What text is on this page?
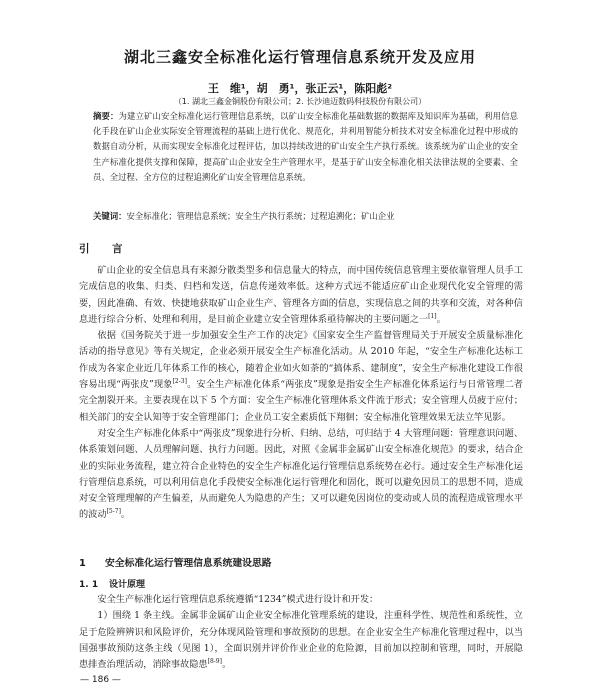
湖北三鑫安全标准化运行管理信息系统开发及应用
王　维¹，胡　勇¹，张正云¹，陈阳彪²
（1. 湖北三鑫金铜股份有限公司；2. 长沙迪迈数码科技股份有限公司）
摘要：为建立矿山安全标准化运行管理信息系统，以矿山安全标准化基础数据的数据库及知识库为基础，利用信息化手段在矿山企业实际安全管理流程的基础上进行优化、规范化，并利用智能分析技术对安全标准化过程中形成的数据自动分析，从而实现安全标准化过程评估，加以持续改进的矿山安全生产执行系统。该系统为矿山企业的安全生产标准化提供支撑和保障，提高矿山企业安全生产管理水平，是基于矿山安全标准化相关法律法规的全要素、全员、全过程、全方位的过程追溯化矿山安全管理信息系统。
关键词：安全标准化；管理信息系统；安全生产执行系统；过程追溯化；矿山企业
引　言

矿山企业的安全信息具有来源分散类型多和信息量大的特点，而中国传统信息管理主要依靠管理人员手工完成信息的收集、归类、归档和发送，信息传递效率低。这种方式远不能适应矿山企业现代化安全管理的需要，因此准确、有效、快捷地获取矿山企业生产、管理各方面的信息，实现信息之间的共享和交流，对各种信息进行综合分析、处理和利用，是目前企业建立安全管理体系亟待解决的主要问题之一[1]。

依据《国务院关于进一步加强安全生产工作的决定》《国家安全生产监督管理局关于开展安全质量标准化活动的指导意见》等有关规定，企业必须开展安全生产标准化活动。从 2010 年起，“安全生产标准化达标工作成为各家企业近几年体系工作的核心，随着企业如火如荼的“搞体系、建制度”，安全生产标准化建设工作很容易出现“两张皮”现象[2-3]。安全生产标准化体系“两张皮”现象是指安全生产标准化体系运行与日常管理二者完全割裂开来。主要表现在以下 5 个方面：安全生产标准化管理体系文件流于形式；安全管理人员疲于应付；相关部门的安全认知等于安全管理部门；企业员工安全素质低下翔徊；安全标准化管理效果无法立竿见影。

对安全生产标准化体系中“两张皮”现象进行分析、归纳、总结，可归结于 4 大管理问题：管理意识问题、体系策划问题、人员理解问题、执行力问题。因此，对照《金属非金属矿山安全标准化规范》的要求，结合企业的实际业务流程，建立符合企业特色的安全生产标准化运行管理信息系统势在必行。通过安全生产标准化运行管理信息系统，可以利用信息化手段使安全标准化运行管理化和固化，既可以避免因员工的思想不同，造成对安全管理理解的产生偏差，从而避免人为隐患的产生；又可以避免因岗位的变动或人员的流程造成管理水平的波动[5-7]。

1 安全标准化运行管理信息系统建设思路
1. 1 设计原理

安全生产标准化运行管理信息系统遵循“1234”模式进行设计和开发：

1）围绕 1 条主线。金属非金属矿山企业安全标准化管理系统的建设，注重科学性、规范性和系统性，立足于危险辨辨识和风险评价，充分体现风险管理和事故预防的思想。在企业安全生产标准化管理过程中，以当国强事故预防这条主线（见图 1），全面识别并评价作业企业的危险源，目前加以控制和管理，同时，开展隐患排查治理活动，消除事故隐患[8-9]。

— 186 —
